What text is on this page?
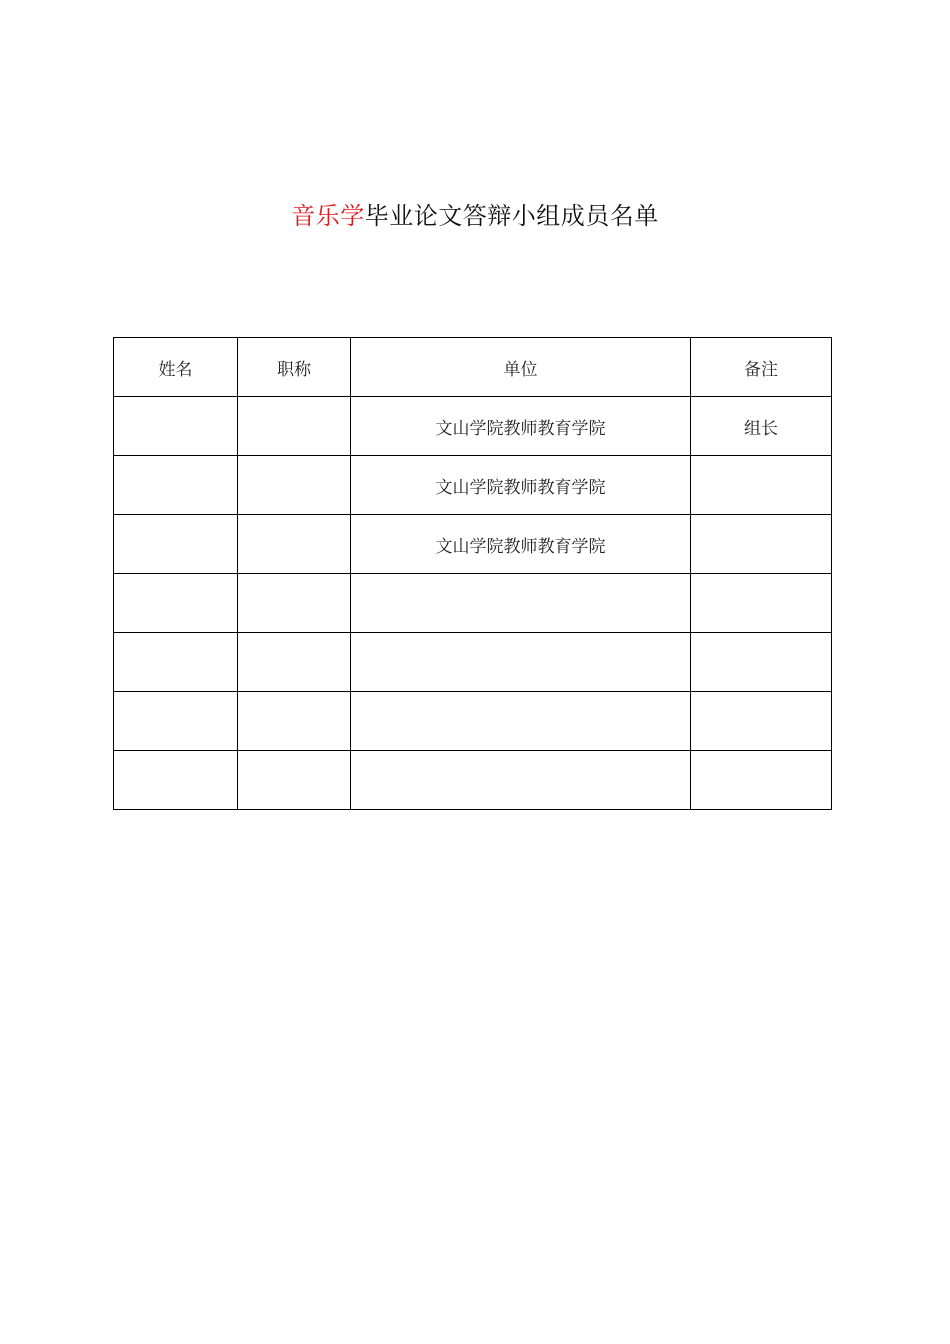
音乐学毕业论文答辩小组成员名单
姓名	职称	单位	备注
		文山学院教师教育学院	组长
		文山学院教师教育学院	
		文山学院教师教育学院	
